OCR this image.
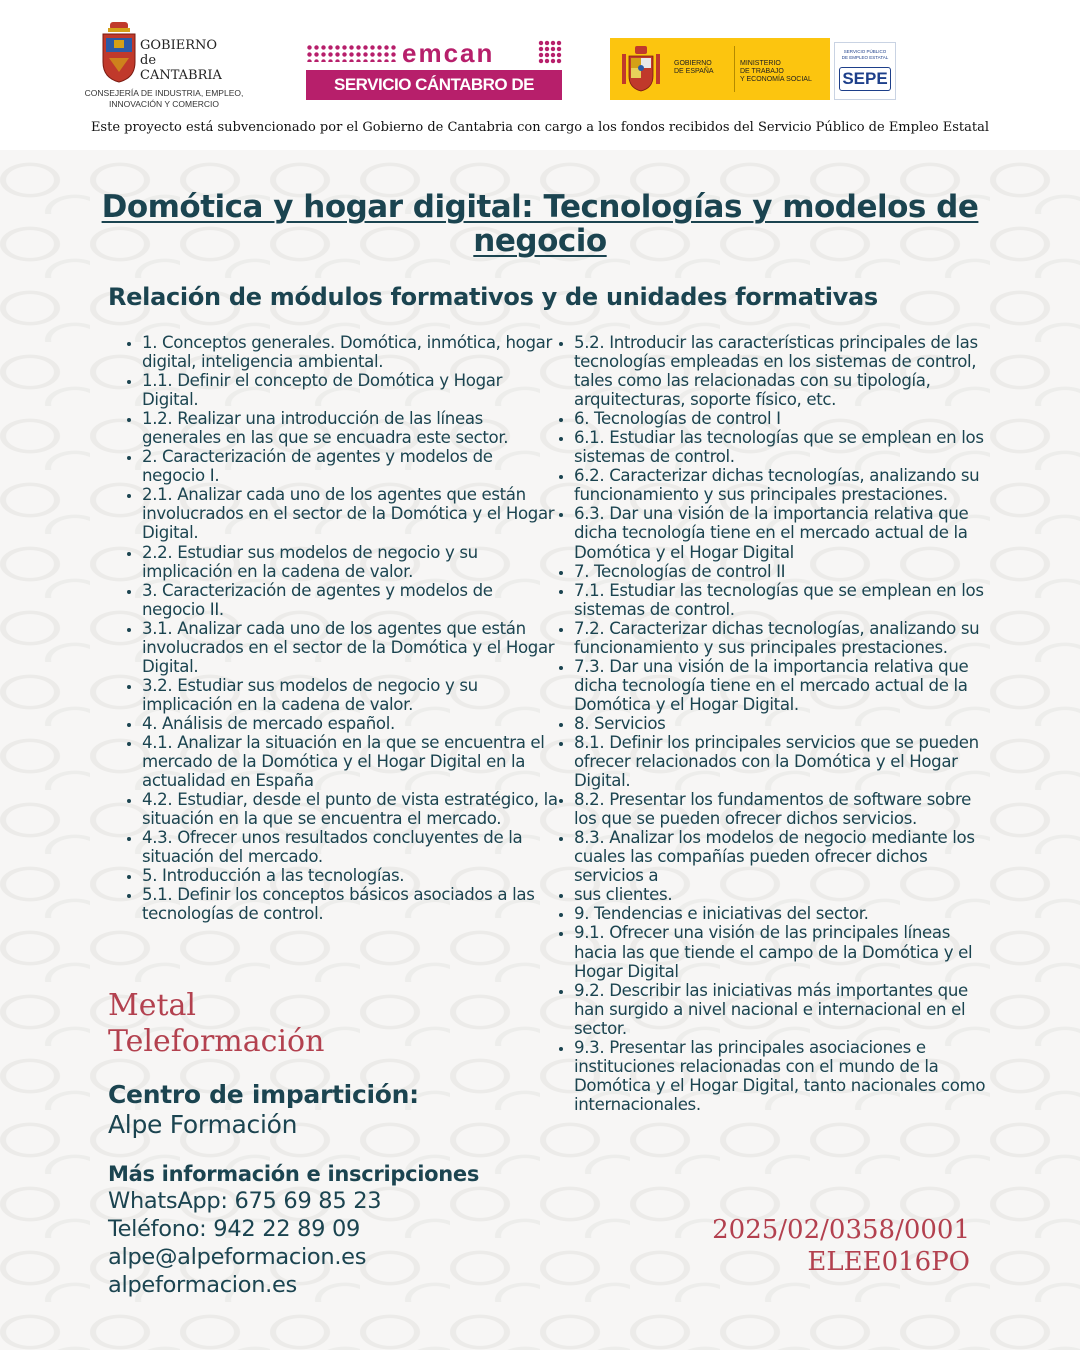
GOBIERNO
de
CANTABRIA
CONSEJERÍA DE INDUSTRIA, EMPLEO,
INNOVACIÓN Y COMERCIO
emcan
SERVICIO CÁNTABRO DE EMPLEO
GOBIERNO
DE ESPAÑA
MINISTERIO
DE TRABAJO
Y ECONOMÍA SOCIAL
SERVICIO PÚBLICO
DE EMPLEO ESTATAL
SEPE
Este proyecto está subvencionado por el Gobierno de Cantabria con cargo a los fondos recibidos del Servicio Público de Empleo Estatal
Domótica y hogar digital: Tecnologías y modelos de negocio
Relación de módulos formativos y de unidades formativas
• 1. Conceptos generales. Domótica, inmótica, hogar digital, inteligencia ambiental.
• 1.1. Definir el concepto de Domótica y Hogar Digital.
• 1.2. Realizar una introducción de las líneas generales en las que se encuadra este sector.
• 2. Caracterización de agentes y modelos de negocio I.
• 2.1. Analizar cada uno de los agentes que están involucrados en el sector de la Domótica y el Hogar Digital.
• 2.2. Estudiar sus modelos de negocio y su implicación en la cadena de valor.
• 3. Caracterización de agentes y modelos de negocio II.
• 3.1. Analizar cada uno de los agentes que están involucrados en el sector de la Domótica y el Hogar Digital.
• 3.2. Estudiar sus modelos de negocio y su implicación en la cadena de valor.
• 4. Análisis de mercado español.
• 4.1. Analizar la situación en la que se encuentra el mercado de la Domótica y el Hogar Digital en la actualidad en España
• 4.2. Estudiar, desde el punto de vista estratégico, la situación en la que se encuentra el mercado.
• 4.3. Ofrecer unos resultados concluyentes de la situación del mercado.
• 5. Introducción a las tecnologías.
• 5.1. Definir los conceptos básicos asociados a las tecnologías de control.
• 5.2. Introducir las características principales de las tecnologías empleadas en los sistemas de control, tales como las relacionadas con su tipología, arquitecturas, soporte físico, etc.
• 6. Tecnologías de control I
• 6.1. Estudiar las tecnologías que se emplean en los sistemas de control.
• 6.2. Caracterizar dichas tecnologías, analizando su funcionamiento y sus principales prestaciones.
• 6.3. Dar una visión de la importancia relativa que dicha tecnología tiene en el mercado actual de la Domótica y el Hogar Digital
• 7. Tecnologías de control II
• 7.1. Estudiar las tecnologías que se emplean en los sistemas de control.
• 7.2. Caracterizar dichas tecnologías, analizando su funcionamiento y sus principales prestaciones.
• 7.3. Dar una visión de la importancia relativa que dicha tecnología tiene en el mercado actual de la Domótica y el Hogar Digital.
• 8. Servicios
• 8.1. Definir los principales servicios que se pueden ofrecer relacionados con la Domótica y el Hogar Digital.
• 8.2. Presentar los fundamentos de software sobre los que se pueden ofrecer dichos servicios.
• 8.3. Analizar los modelos de negocio mediante los cuales las compañías pueden ofrecer dichos servicios a
• sus clientes.
• 9. Tendencias e iniciativas del sector.
• 9.1. Ofrecer una visión de las principales líneas hacia las que tiende el campo de la Domótica y el Hogar Digital
• 9.2. Describir las iniciativas más importantes que han surgido a nivel nacional e internacional en el sector.
• 9.3. Presentar las principales asociaciones e instituciones relacionadas con el mundo de la Domótica y el Hogar Digital, tanto nacionales como internacionales.
Metal
Teleformación
Centro de impartición:
Alpe Formación
Más información e inscripciones
WhatsApp: 675 69 85 23
Teléfono: 942 22 89 09
alpe@alpeformacion.es
alpeformacion.es
2025/02/0358/0001
ELEE016PO
